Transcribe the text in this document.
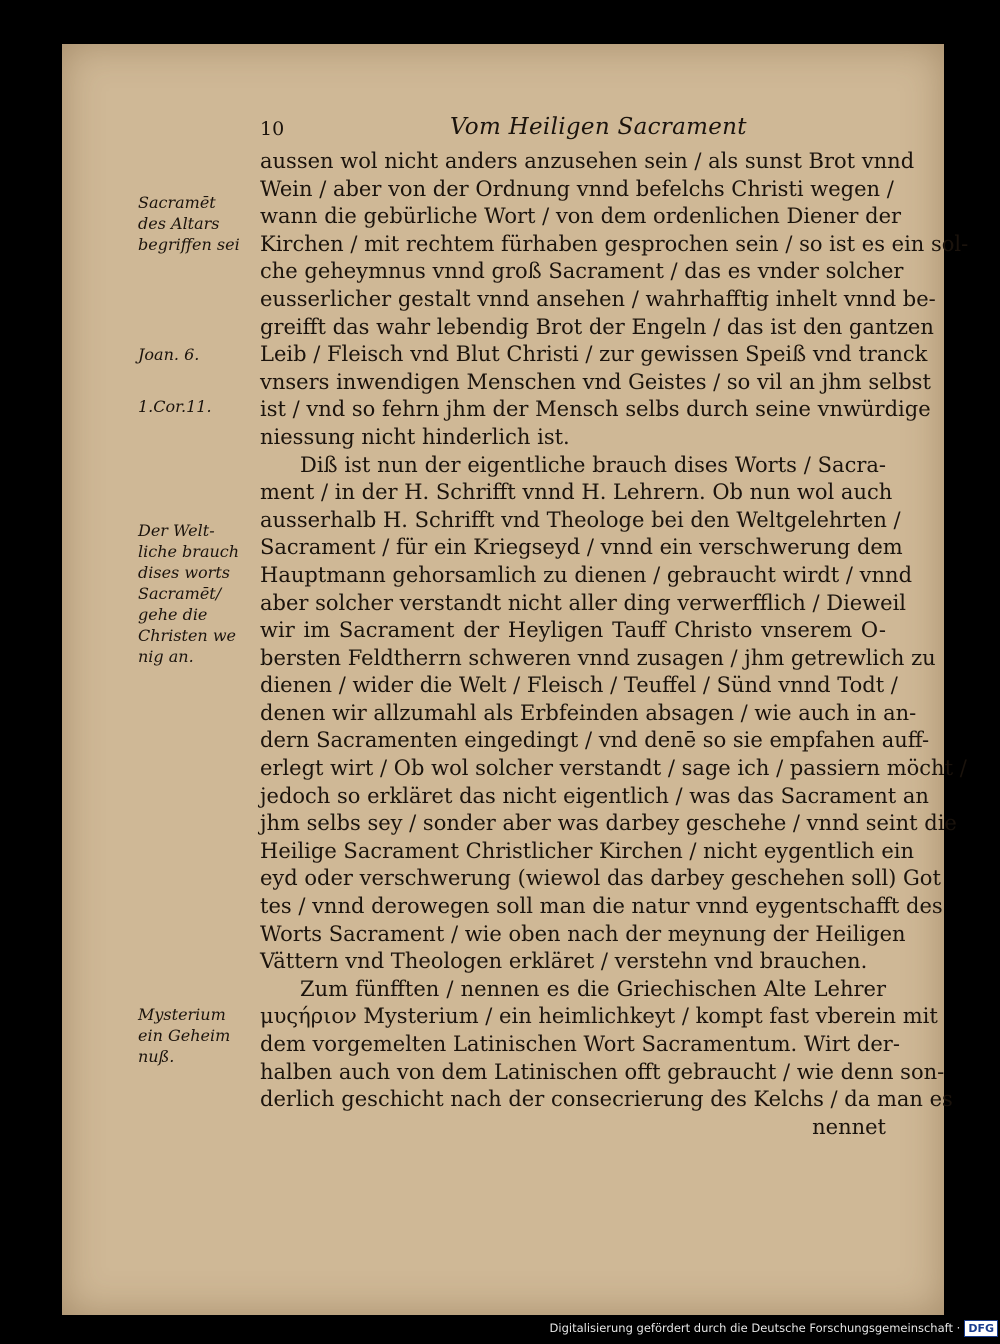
10	Vom Heiligen Sacrament
Sacramēt
des Altars
begriffen sei
Joan. 6.
1.Cor.11.
Der Welt-
liche brauch
dises worts
Sacramēt/
gehe die
Christen we
nig an.
Mysterium
ein Geheim
nuß.
aussen wol nicht anders anzusehen sein / als sunst Brot vnnd
Wein / aber von der Ordnung vnnd befelchs Christi wegen /
wann die gebürliche Wort / von dem ordenlichen Diener der
Kirchen / mit rechtem fürhaben gesprochen sein / so ist es ein sol-
che geheymnus vnnd groß Sacrament / das es vnder solcher
eusserlicher gestalt vnnd ansehen / wahrhafftig inhelt vnnd be-
greifft das wahr lebendig Brot der Engeln / das ist den gantzen
Leib / Fleisch vnd Blut Christi / zur gewissen Speiß vnd tranck
vnsers inwendigen Menschen vnd Geistes / so vil an jhm selbst
ist / vnd so fehrn jhm der Mensch selbs durch seine vnwürdige
niessung nicht hinderlich ist.
Diß ist nun der eigentliche brauch dises Worts / Sacra-
ment / in der H. Schrifft vnnd H. Lehrern. Ob nun wol auch
ausserhalb H. Schrifft vnd Theologe bei den Weltgelehrten /
Sacrament / für ein Kriegseyd / vnnd ein verschwerung dem
Hauptmann gehorsamlich zu dienen / gebraucht wirdt / vnnd
aber solcher verstandt nicht aller ding verwerfflich / Dieweil
wir im Sacrament der Heyligen Tauff Christo vnserem O-
bersten Feldtherrn schweren vnnd zusagen / jhm getrewlich zu
dienen / wider die Welt / Fleisch / Teuffel / Sünd vnnd Todt /
denen wir allzumahl als Erbfeinden absagen / wie auch in an-
dern Sacramenten eingedingt / vnd denē so sie empfahen auff-
erlegt wirt / Ob wol solcher verstandt / sage ich / passiern möcht /
jedoch so erkläret das nicht eigentlich / was das Sacrament an
jhm selbs sey / sonder aber was darbey geschehe / vnnd seint die
Heilige Sacrament Christlicher Kirchen / nicht eygentlich ein
eyd oder verschwerung (wiewol das darbey geschehen soll) Got
tes / vnnd derowegen soll man die natur vnnd eygentschafft des
Worts Sacrament / wie oben nach der meynung der Heiligen
Vättern vnd Theologen erkläret / verstehn vnd brauchen.
Zum fünfften / nennen es die Griechischen Alte Lehrer
μυςήριον Mysterium / ein heimlichkeyt / kompt fast vberein mit
dem vorgemelten Latinischen Wort Sacramentum. Wirt der-
halben auch von dem Latinischen offt gebraucht / wie denn son-
derlich geschicht nach der consecrierung des Kelchs / da man es
nennet
Digitalisierung gefördert durch die Deutsche Forschungsgemeinschaft · DFG
